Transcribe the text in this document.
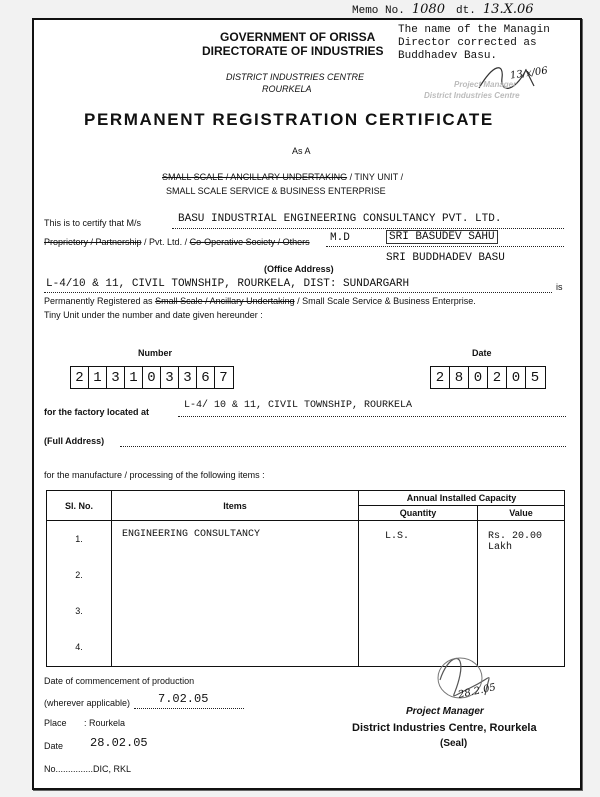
Memo No. 1080 dt. 13.X.06
GOVERNMENT OF ORISSA
DIRECTORATE OF INDUSTRIES
DISTRICT INDUSTRIES CENTRE
ROURKELA
The name of the Managin
Director corrected as
Buddhadev Basu.
13/x/06
Project Manager
District Industries Centre
PERMANENT REGISTRATION CERTIFICATE
As A
SMALL SCALE / ANCILLARY UNDERTAKING / TINY UNIT /
SMALL SCALE SERVICE & BUSINESS ENTERPRISE
This is to certify that M/s	BASU INDUSTRIAL ENGINEERING CONSULTANCY PVT. LTD.
Proprietory / Partnership / Pvt. Ltd. / Co-Operative Society / Others M.D	SRI BASUDEV SAHU
SRI BUDDHADEV BASU
(Office Address)
L-4/10 & 11, CIVIL TOWNSHIP, ROURKELA, DIST: SUNDARGARH	is
Permanently Registered as Small Scale / Ancillary Undertaking / Small Scale Service & Business Enterprise.
Tiny Unit under the number and date given hereunder :
Number
2 1 3 1 0 3 3 6 7
Date
2 8 0 2 0 5
for the factory located at
L-4/ 10 & 11, CIVIL TOWNSHIP, ROURKELA
(Full Address)
for the manufacture / processing of the following items :
Sl. No.	Items	Annual Installed Capacity	
		Quantity	Value
1.	ENGINEERING CONSULTANCY	L.S.	Rs. 20.00 Lakh
2.			
3.			
4.			
Date of commencement of production
(wherever applicable) 7.02.05
Place : Rourkela
Date 28.02.05
No...............DIC, RKL
28.2.05
Project Manager
District Industries Centre, Rourkela
(Seal)
